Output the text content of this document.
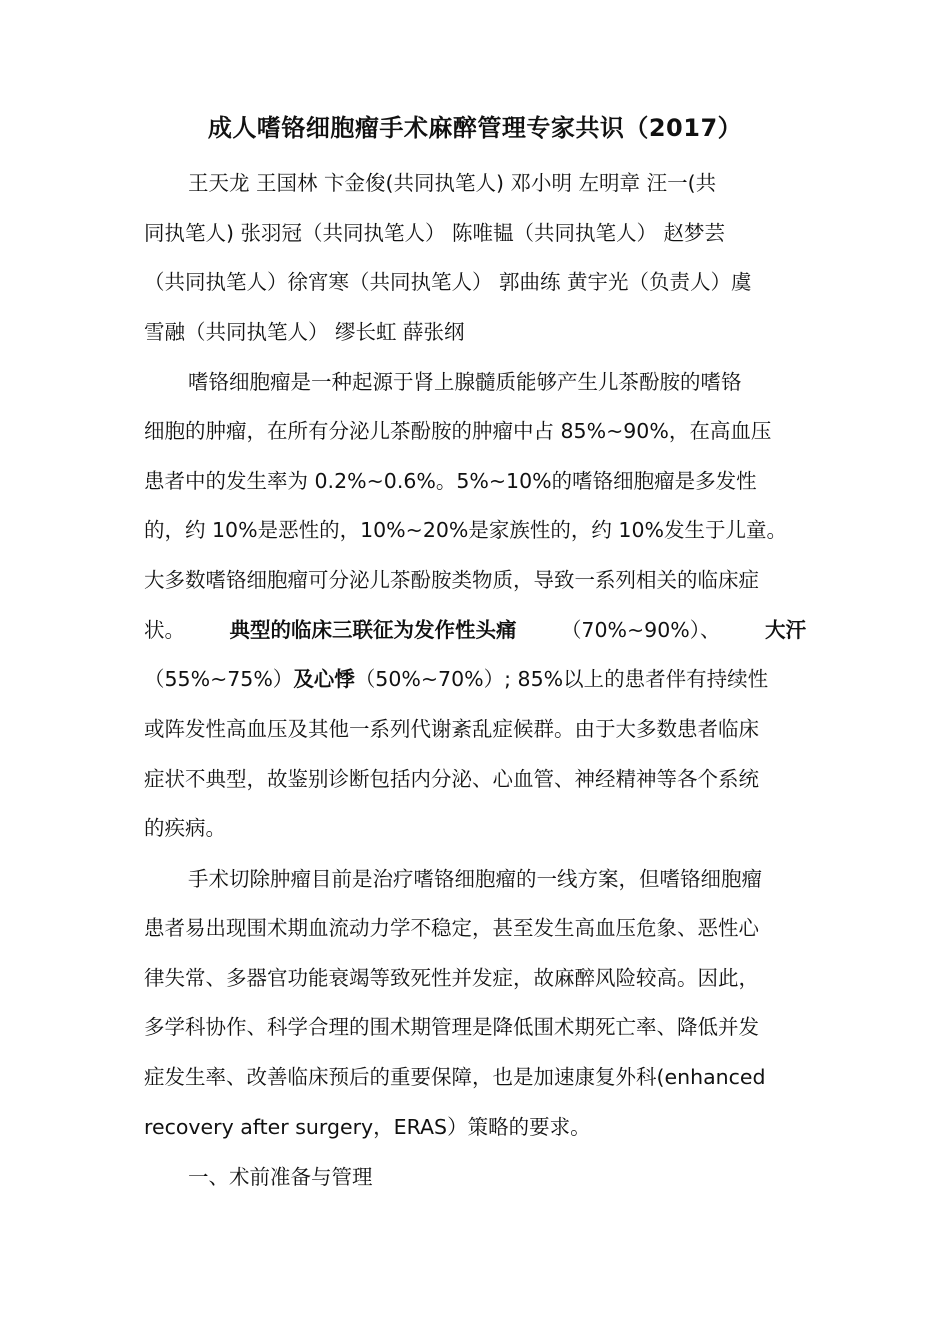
成人嗜铬细胞瘤手术麻醉管理专家共识（2017）
王天龙 王国林 卞金俊(共同执笔人) 邓小明 左明章 汪一(共
同执笔人) 张羽冠（共同执笔人） 陈唯韫（共同执笔人） 赵梦芸
（共同执笔人）徐宵寒（共同执笔人） 郭曲练 黄宇光（负责人）虞
雪融（共同执笔人） 缪长虹 薛张纲
嗜铬细胞瘤是一种起源于肾上腺髓质能够产生儿茶酚胺的嗜铬
细胞的肿瘤，在所有分泌儿茶酚胺的肿瘤中占 85%~90%，在高血压
患者中的发生率为 0.2%~0.6%。5%~10%的嗜铬细胞瘤是多发性
的，约 10%是恶性的，10%~20%是家族性的，约 10%发生于儿童。
大多数嗜铬细胞瘤可分泌儿茶酚胺类物质，导致一系列相关的临床症
状。 典型的临床三联征为发作性头痛 （70%~90%）、 大汗
（55%~75%）及心悸（50%~70%）; 85%以上的患者伴有持续性
或阵发性高血压及其他一系列代谢紊乱症候群。由于大多数患者临床
症状不典型，故鉴别诊断包括内分泌、心血管、神经精神等各个系统
的疾病。
手术切除肿瘤目前是治疗嗜铬细胞瘤的一线方案，但嗜铬细胞瘤
患者易出现围术期血流动力学不稳定，甚至发生高血压危象、恶性心
律失常、多器官功能衰竭等致死性并发症，故麻醉风险较高。因此，
多学科协作、科学合理的围术期管理是降低围术期死亡率、降低并发
症发生率、改善临床预后的重要保障，也是加速康复外科(enhanced
recovery after surgery，ERAS）策略的要求。
一、术前准备与管理
